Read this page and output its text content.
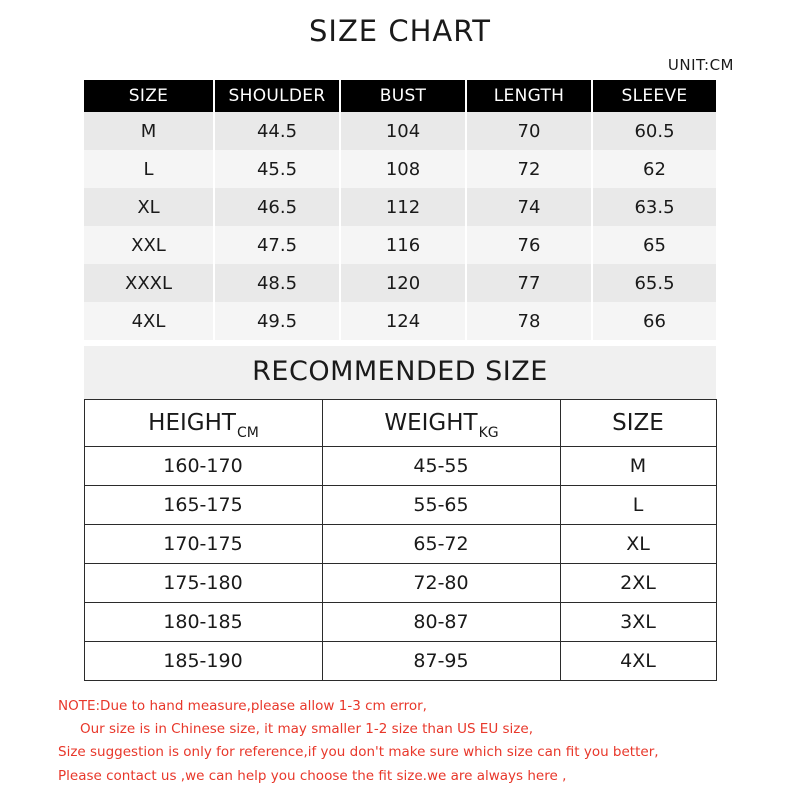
SIZE CHART
UNIT:CM
SIZE	SHOULDER	BUST	LENGTH	SLEEVE
M	44.5	104	70	60.5
L	45.5	108	72	62
XL	46.5	112	74	63.5
XXL	47.5	116	76	65
XXXL	48.5	120	77	65.5
4XL	49.5	124	78	66
RECOMMENDED SIZE
$HEIGHT_{CM}$	$WEIGHT_{KG}$	SIZE
160-170	45-55	M
165-175	55-65	L
170-175	65-72	XL
175-180	72-80	2XL
180-185	80-87	3XL
185-190	87-95	4XL
NOTE:Due to hand measure,please allow 1-3 cm error,
Our size is in Chinese size, it may smaller 1-2 size than US EU size,
Size suggestion is only for reference,if you don't make sure which size can fit you better,
Please contact us ,we can help you choose the fit size.we are always here ,
